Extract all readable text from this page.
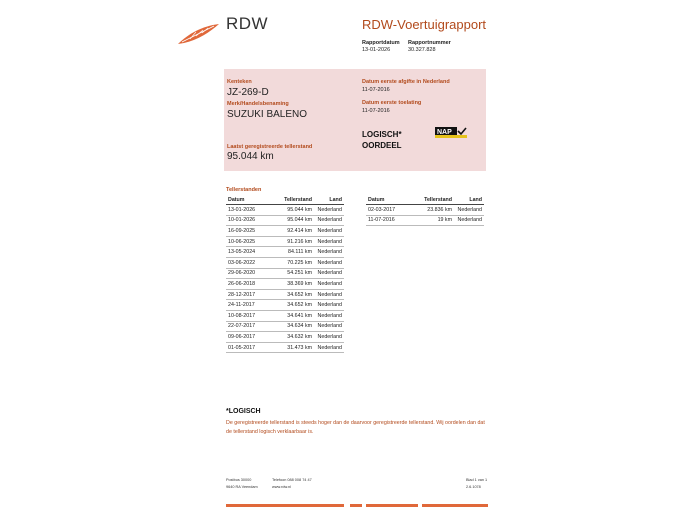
RDW	RDW-Voertuigrapport
Rapportdatum Rapportnummer
13-01-2026	30.327.828
Kenteken
JZ-269-D
Merk/Handelsbenaming
SUZUKI BALENO
Laatst geregistreerde tellerstand
95.044 km
Datum eerste afgifte in Nederland
11-07-2016
Datum eerste toelating
11-07-2016
LOGISCH*
OORDEEL
NAP
Tellerstanden
Datum	Tellerstand	Land
13-01-2026	95.044 km	Nederland
10-01-2026	95.044 km	Nederland
16-09-2025	92.414 km	Nederland
10-06-2025	91.216 km	Nederland
13-05-2024	84.111 km	Nederland
03-06-2022	70.225 km	Nederland
29-06-2020	54.251 km	Nederland
26-06-2018	38.369 km	Nederland
28-12-2017	34.652 km	Nederland
24-11-2017	34.652 km	Nederland
10-08-2017	34.641 km	Nederland
22-07-2017	34.634 km	Nederland
09-06-2017	34.632 km	Nederland
01-05-2017	31.473 km	Nederland
Datum	Tellerstand	Land
02-03-2017	23.836 km	Nederland
11-07-2016	19 km	Nederland
*LOGISCH
De geregistreerde tellerstand is steeds hoger dan de daarvoor geregistreerde tellerstand. Wij oordelen dan dat de tellerstand logisch verklaarbaar is.
Postbus 30000
9640 RA Veendam
Telefoon 088 008 74 47
www.rdw.nl
Blad 1 van 1
2.6.1078
